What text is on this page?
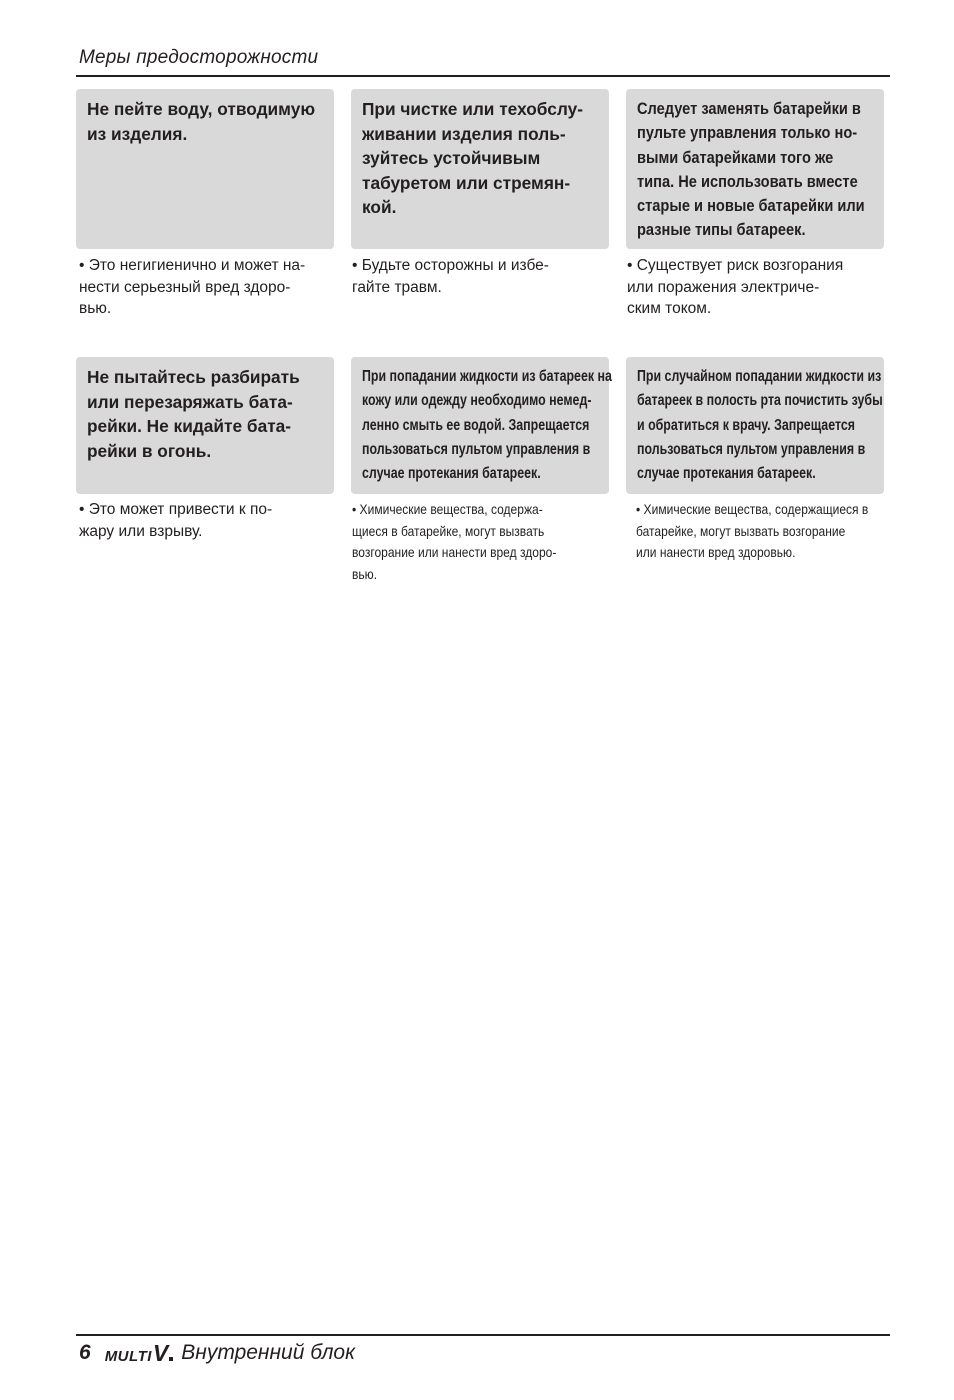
Меры предосторожности

Не пейте воду, отводимую
из изделия.

• Это негигиенично и может на-
нести серьезный вред здоро-
вью.

При чистке или техобслу-
живании изделия поль-
зуйтесь устойчивым
табуретом или стремян-
кой.

• Будьте осторожны и избе-
гайте травм.

Следует заменять батарейки в
пульте управления только но-
выми батарейками того же
типа. Не использовать вместе
старые и новые батарейки или
разные типы батареек.

• Существует риск возгорания
или поражения электриче-
ским током.

Не пытайтесь разбирать
или перезаряжать бата-
рейки. Не кидайте бата-
рейки в огонь.

• Это может привести к по-
жару или взрыву.

При попадании жидкости из батареек на
кожу или одежду необходимо немед-
ленно смыть ее водой. Запрещается
пользоваться пультом управления в
случае протекания батареек.

• Химические вещества, содержа-
щиеся в батарейке, могут вызвать
возгорание или нанести вред здоро-
вью.

При случайном попадании жидкости из
батареек в полость рта почистить зубы
и обратиться к врачу. Запрещается
пользоваться пультом управления в
случае протекания батареек.

• Химические вещества, содержащиеся в
батарейке, могут вызвать возгорание
или нанести вред здоровью.
6 MULTI V Внутренний блок
